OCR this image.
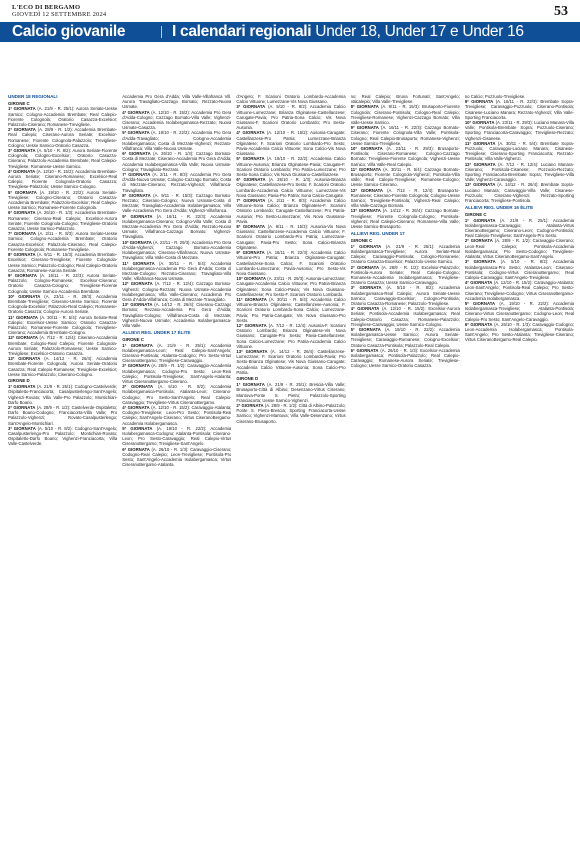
L'ECO DI BERGAMO
GIOVEDÌ 12 SETTEMBRE 2024	53
Calcio giovanile	I calendari regionali Under 18, Under 17 e Under 16
UNDER 18 REGIONALI
GIRONE C

1ª GIORNATA (A. 21/9 - R. 25/1): Aurora Seriate-Uesse Sarnico; Cologno-Accademia Brembate; Real Calepio-Fiorente Colognola; Oratorio Casazza-Excelsior; Palazzolo-Ciserano; Romanese-Trevigliese.

2ª GIORNATA (A. 28/9 - R. 1/2): Accademia Brembate-Real Calepio; Ciserano-Aurora Seriate; Excelsior-Romanese; Fiorente Colognola-Palazzolo; Trevigliese-Cologno; Uesse Sarnico-Oratorio Casazza.

3ª GIORNATA (A. 5/10 - R. 8/2): Aurora Seriate-Fiorente Colognola; Cologno-Excelsior; Oratorio Casazza-Ciserano; Palazzolo-Accademia Brembate; Real Calepio-Trevigliese; Romanese-Uesse Sarnico.

4ª GIORNATA (A. 12/10 - R. 15/2): Accademia Brembate-Aurora Seriate; Ciserano-Romanese; Excelsior-Real Calepio; Fiorente Colognola-Oratorio Casazza; Trevigliese-Palazzolo; Uesse Sarnico-Cologno.

5ª GIORNATA (A. 19/10 - R. 22/2): Aurora Seriate-Trevigliese; Cologno-Ciserano; Oratorio Casazza-Accademia Brembate; Palazzolo-Excelsior; Real Calepio-Uesse Sarnico; Romanese-Fiorente Colognola.

6ª GIORNATA (A. 26/10 - R. 1/3): Accademia Brembate-Romanese; Ciserano-Real Calepio; Excelsior-Aurora Seriate; Fiorente Colognola-Cologno; Trevigliese-Oratorio Casazza; Uesse Sarnico-Palazzolo.

7ª GIORNATA (A. 2/11 - R. 8/3): Aurora Seriate-Uesse Sarnico; Cologno-Accademia Brembate; Oratorio Casazza-Excelsior; Palazzolo-Ciserano; Real Calepio-Fiorente Colognola; Romanese-Trevigliese.

8ª GIORNATA (A. 9/11 - R. 15/3): Accademia Brembate-Excelsior; Ciserano-Trevigliese; Fiorente Colognola-Uesse Sarnico; Palazzolo-Cologno; Real Calepio-Oratorio Casazza; Romanese-Aurora Seriate.

9ª GIORNATA (A. 16/11 - R. 22/3): Aurora Seriate-Palazzolo; Cologno-Romanese; Excelsior-Ciserano; Oratorio Casazza-Cologno; Trevigliese-Fiorente Colognola; Uesse Sarnico-Accademia Brembate.

10ª GIORNATA (A. 23/11 - R. 29/3): Accademia Brembate-Trevigliese; Ciserano-Uesse Sarnico; Fiorente Colognola-Excelsior; Palazzolo-Real Calepio; Romanese-Oratorio Casazza; Cologno-Aurora Seriate.

11ª GIORNATA (A. 30/11 - R. 5/4): Aurora Seriate-Real Calepio; Excelsior-Uesse Sarnico; Oratorio Casazza-Palazzolo; Romanese-Fiorente Colognola; Trevigliese-Ciserano; Accademia Brembate-Cologno.

12ª GIORNATA (A. 7/12 - R. 12/4): Ciserano-Accademia Brembate; Cologno-Real Calepio; Fiorente Colognola-Aurora Seriate; Palazzolo-Romanese; Uesse Sarnico-Trevigliese; Excelsior-Oratorio Casazza.

13ª GIORNATA (A. 14/12 - R. 26/4): Accademia Brembate-Fiorente Colognola; Aurora Seriate-Oratorio Casazza; Real Calepio-Romanese; Trevigliese-Excelsior; Uesse Sarnico-Palazzolo; Ciserano-Cologno.

GIRONE D

1ª GIORNATA (A. 21/9 - R. 25/1): Codogno-Castelverde; Ospitaletto-Franciacorta; Casalpusterlengo-Sant'Angelo; Vighenzi-Rovato; Villa Valle-Pro Palazzolo; Montichiari-Darfo Boario.

2ª GIORNATA (A. 28/9 - R. 1/2): Castelverde-Ospitaletto; Darfo Boario-Codogno; Franciacorta-Villa Valle; Pro Palazzolo-Vighenzi; Rovato-Casalpusterlengo; Sant'Angelo-Montichiari.

3ª GIORNATA (A. 5/10 - R. 8/2): Codogno-Sant'Angelo; Casalpusterlengo-Pro Palazzolo; Montichiari-Rovato; Ospitaletto-Darfo Boario; Vighenzi-Franciacorta; Villa Valle-Castelverde.

Accademia Pro Gera d'Adda; Villa Valle-Villafranca Vill. Aurora Travagliato-Cazzago Bornato; Rezzato-Nuova Usmate.

4ª GIORNATA (A. 12/10 - R. 15/2): Accademia Pro Gera d'Adda-Cologno; Cazzago Bornato-Villa Valle; Vighenzi-Ciserano; Accademia Isolabergamasca-Rezzato; Nuova Usmate-Casazza.

5ª GIORNATA (A. 19/10 - R. 22/2): Accademia Pro Gera d'Adda-Travagliato; Cologno-Accademia Isolabergamasca; Costa di Mezzate-Vighenzi; Rezzato-Villafranca; Villa Valle-Nuova Usmate.

6ª GIORNATA (A. 26/10 - R. 1/3): Cazzago Bornato-Costa di Mezzate; Ciserano-Accademia Pro Gera d'Adda; Accademia Isolabergamasca-Villa Valle; Nuova Usmate-Cologno; Travagliato-Rezzato.

7ª GIORNATA (A. 2/11 - R. 8/3): Accademia Pro Gera d'Adda-Nuova Usmate; Cologno-Cazzago Bornato; Costa di Mezzate-Ciserano; Rezzato-Vighenzi; Villafranca-Travagliato.

8ª GIORNATA (A. 9/11 - R. 15/3): Cazzago Bornato-Rezzato; Ciserano-Cologno; Nuova Usmate-Costa di Mezzate; Travagliato-Accademia Isolabergamasca; Villa Valle-Accademia Pro Gera d'Adda; Vighenzi-Villafranca.

9ª GIORNATA (A. 16/11 - R. 22/3): Accademia Isolabergamasca-Ciserano; Cologno-Villa Valle; Costa di Mezzate-Accademia Pro Gera d'Adda; Rezzato-Nuova Usmate; Villafranca-Cazzago Bornato; Vighenzi-Travagliato.

10ª GIORNATA (A. 23/11 - R. 29/3): Accademia Pro Gera d'Adda-Vighenzi; Cazzago Bornato-Accademia Isolabergamasca; Ciserano-Villafranca; Nuova Usmate-Travagliato; Villa Valle-Costa di Mezzate.

11ª GIORNATA (A. 30/11 - R. 5/4): Accademia Isolabergamasca-Accademia Pro Gera d'Adda; Costa di Mezzate-Cologno; Rezzato-Ciserano; Travagliato-Villa Valle; Villafranca-Nuova Usmate.

12ª GIORNATA (A. 7/12 - R. 12/4): Cazzago Bornato-Vighenzi; Cologno-Rezzato; Nuova Usmate-Accademia Isolabergamasca; Villa Valle-Ciserano; Accademia Pro Gera d'Adda-Villafranca; Costa di Mezzate-Travagliato.

13ª GIORNATA (A. 14/12 - R. 26/4): Ciserano-Cazzago Bornato; Rezzato-Accademia Pro Gera d'Adda; Travagliato-Cologno; Villafranca-Costa di Mezzate; Vighenzi-Nuova Usmate; Accademia Isolabergamasca-Villa Valle.

ALLIEVI REG. UNDER 17 ÉLITE
GIRONE C

1ª GIORNATA (A. 21/9 - R. 25/1): Accademia Isolabergamasca-Leon; Real Calepio-Sant'Angelo; Ciserano-Pontisola; Atalanta-Codogno; Pro Sesto-Virtus CiseranoBergamo; Trevigliese-Caravaggio.

2ª GIORNATA (A. 28/9 - R. 1/2): Caravaggio-Accademia Isolabergamasca; Codogno-Pro Sesto; Leon-Real Calepio; Pontisola-Trevigliese; Sant'Angelo-Atalanta; Virtus CiseranoBergamo-Ciserano.

3ª GIORNATA (A. 5/10 - R. 8/2): Accademia Isolabergamasca-Pontisola; Atalanta-Leon; Ciserano-Codogno; Pro Sesto-Sant'Angelo; Real Calepio-Caravaggio; Trevigliese-Virtus CiseranoBergamo.

4ª GIORNATA (A. 12/10 - R. 15/2): Caravaggio-Atalanta; Codogno-Trevigliese; Leon-Pro Sesto; Pontisola-Real Calepio; Sant'Angelo-Ciserano; Virtus CiseranoBergamo-Accademia Isolabergamasca.

5ª GIORNATA (A. 19/10 - R. 22/2): Accademia Isolabergamasca-Codogno; Atalanta-Pontisola; Ciserano-Leon; Pro Sesto-Caravaggio; Real Calepio-Virtus CiseranoBergamo; Trevigliese-Sant'Angelo.

6ª GIORNATA (A. 26/10 - R. 1/3): Caravaggio-Ciserano; Codogno-Real Calepio; Leon-Trevigliese; Pontisola-Pro Sesto; Sant'Angelo-Accademia Isolabergamasca; Virtus CiseranoBergamo-Atalanta.

d'Angelo; F. Scarioni Oratorio Lombardo-Accademia Calcio Vittuone; Lumezzane-Vis Nova Giussano.

3ª GIORNATA (A. 5/10 - R. 8/2): Accademia Calcio Vittuone-Lumezzane; Brianza Olginatese-Castellanzese; Carugate-Pavia; Pro Patria-Sona Calcio; Vis Nova Giussano-F. Scarioni Oratorio Lombardo; Pro Sesto-Ausonia.

4ª GIORNATA (A. 12/10 - R. 15/2): Ausonia-Carugate; Castellanzese-Pro Patria; Lumezzane-Brianza Olginatese; F. Scarioni Oratorio Lombardo-Pro Sesto; Pavia-Accademia Calcio Vittuone; Sona Calcio-Vis Nova Giussano.

5ª GIORNATA (A. 19/10 - R. 22/2): Accademia Calcio Vittuone-Ausonia; Brianza Olginatese-Pavia; Carugate-F. Scarioni Oratorio Lombardo; Pro Patria-Lumezzane; Pro Sesto-Sona Calcio; Vis Nova Giussano-Castellanzese.

6ª GIORNATA (A. 26/10 - R. 1/3): Ausonia-Brianza Olginatese; Castellanzese-Pro Sesto; F. Scarioni Oratorio Lombardo-Accademia Calcio Vittuone; Lumezzane-Vis Nova Giussano; Pavia-Pro Patria; Sona Calcio-Carugate.

7ª GIORNATA (A. 2/11 - R. 8/3): Accademia Calcio Vittuone-Sona Calcio; Brianza Olginatese-F. Scarioni Oratorio Lombardo; Carugate-Castellanzese; Pro Patria-Ausonia; Pro Sesto-Lumezzane; Vis Nova Giussano-Pavia.

8ª GIORNATA (A. 9/11 - R. 15/3): Ausonia-Vis Nova Giussano; Castellanzese-Accademia Calcio Vittuone; F. Scarioni Oratorio Lombardo-Pro Patria; Lumezzane-Carugate; Pavia-Pro Sesto; Sona Calcio-Brianza Olginatese.

9ª GIORNATA (A. 16/11 - R. 22/3): Accademia Calcio Vittuone-Pro Patria; Brianza Olginatese-Carugate; Castellanzese-Sona Calcio; F. Scarioni Oratorio Lombardo-Lumezzane; Pavia-Ausonia; Pro Sesto-Vis Nova Giussano.

10ª GIORNATA (A. 23/11 - R. 29/3): Ausonia-Lumezzane; Carugate-Accademia Calcio Vittuone; Pro Patria-Brianza Olginatese; Sona Calcio-Pavia; Vis Nova Giussano-Castellanzese; Pro Sesto-F. Scarioni Oratorio Lombardo.

11ª GIORNATA (A. 30/11 - R. 5/4): Accademia Calcio Vittuone-Brianza Olginatese; Castellanzese-Ausonia; F. Scarioni Oratorio Lombardo-Sona Calcio; Lumezzane-Pavia; Pro Patria-Carugate; Vis Nova Giussano-Pro Sesto.

12ª GIORNATA (A. 7/12 - R. 12/4): Ausonia-F. Scarioni Oratorio Lombardo; Brianza Olginatese-Vis Nova Giussano; Carugate-Pro Sesto; Pavia-Castellanzese; Sona Calcio-Lumezzane; Pro Patria-Accademia Calcio Vittuone.

13ª GIORNATA (A. 14/12 - R. 26/4): Castellanzese-Lumezzane; F. Scarioni Oratorio Lombardo-Pavia; Pro Sesto-Brianza Olginatese; Vis Nova Giussano-Carugate; Accademia Calcio Vittuone-Ausonia; Sona Calcio-Pro Patria.

GIRONE D

1ª GIORNATA (A. 21/9 - R. 25/1): Brescia-Villa Valle; Brusaporto-Città di Albino; Desenzano-Virtus Ciserano; Mantova-Ponte S. Pietro; Palazzolo-Sporting Franciacorta; Uesse Sarnico-Vighenzi.

2ª GIORNATA (A. 28/9 - R. 1/2): Città di Albino-Palazzolo; Ponte S. Pietro-Brescia; Sporting Franciacorta-Uesse Sarnico; Vighenzi-Mantova; Villa Valle-Desenzano; Virtus Ciserano-Brusaporto.

no; Real Calepio; Bruna Fortunati; Sant'Angelo; Valcalepio; Villa Valle-Trevigliese.

8ª GIORNATA (A. 9/11 - R. 15/3): Brusaporto-Fiorente Colognola; Ciserano-Pontisola; Cologno-Real Calepio; Trevigliese-Romanese; Vighenzi-Cazzago Bornato; Villa Valle-Uesse Sarnico.

9ª GIORNATA (A. 16/11 - R. 22/3): Cazzago Bornato-Ciserano; Fiorente Colognola-Villa Valle; Pontisola-Cologno; Real Calepio-Brusaporto; Romanese-Vighenzi; Uesse Sarnico-Trevigliese.

10ª GIORNATA (A. 23/11 - R. 29/3): Brusaporto-Pontisola; Ciserano-Romanese; Cologno-Cazzago Bornato; Trevigliese-Fiorente Colognola; Vighenzi-Uesse Sarnico; Villa Valle-Real Calepio.

11ª GIORNATA (A. 30/11 - R. 5/4): Cazzago Bornato-Brusaporto; Fiorente Colognola-Vighenzi; Pontisola-Villa Valle; Real Calepio-Trevigliese; Romanese-Cologno; Uesse Sarnico-Ciserano.

12ª GIORNATA (A. 7/12 - R. 12/4): Brusaporto-Romanese; Ciserano-Fiorente Colognola; Cologno-Uesse Sarnico; Trevigliese-Pontisola; Vighenzi-Real Calepio; Villa Valle-Cazzago Bornato.

13ª GIORNATA (A. 14/12 - R. 26/4): Cazzago Bornato-Trevigliese; Fiorente Colognola-Cologno; Pontisola-Vighenzi; Real Calepio-Ciserano; Romanese-Villa Valle; Uesse Sarnico-Brusaporto.

ALLIEVI REG. UNDER 17
GIRONE C

1ª GIORNATA (A. 21/9 - R. 25/1): Accademia Isolabergamasca-Trevigliese; Aurora Seriate-Real Calepio; Caravaggio-Pontisola; Cologno-Romanese; Oratorio Casazza-Excelsior; Palazzolo-Uesse Sarnico.

2ª GIORNATA (A. 28/9 - R. 1/2): Excelsior-Palazzolo; Pontisola-Aurora Seriate; Real Calepio-Cologno; Romanese-Accademia Isolabergamasca; Trevigliese-Oratorio Casazza; Uesse Sarnico-Caravaggio.

3ª GIORNATA (A. 5/10 - R. 8/2): Accademia Isolabergamasca-Real Calepio; Aurora Seriate-Uesse Sarnico; Caravaggio-Excelsior; Cologno-Pontisola; Oratorio Casazza-Romanese; Palazzolo-Trevigliese.

4ª GIORNATA (A. 12/10 - R. 15/2): Excelsior-Aurora Seriate; Pontisola-Accademia Isolabergamasca; Real Calepio-Oratorio Casazza; Romanese-Palazzolo; Trevigliese-Caravaggio; Uesse Sarnico-Cologno.

5ª GIORNATA (A. 19/10 - R. 22/2): Accademia Isolabergamasca-Uesse Sarnico; Aurora Seriate-Trevigliese; Caravaggio-Romanese; Cologno-Excelsior; Oratorio Casazza-Pontisola; Palazzolo-Real Calepio.

6ª GIORNATA (A. 26/10 - R. 1/3): Excelsior-Accademia Isolabergamasca; Pontisola-Palazzolo; Real Calepio-Caravaggio; Romanese-Aurora Seriate; Trevigliese-Cologno; Uesse Sarnico-Oratorio Casazza.

no Calcio; Pozzuolo-Trevigliese.

9ª GIORNATA (A. 16/11 - R. 22/3): Brembate Sopra-Trevigliese; Caravaggio-Pozzuolo; Ciserano-Pontisola; Cisanese-Luciano Manara; Rezzato-Vighenzi; Villa Valle-Sporting Franciacorta.

10ª GIORNATA (A. 23/11 - R. 29/3): Luciano Manara-Villa Valle; Pontisola-Brembate Sopra; Pozzuolo-Ciserano; Sporting Franciacorta-Caravaggio; Trevigliese-Rezzato; Vighenzi-Cisanese.

11ª GIORNATA (A. 30/11 - R. 5/4): Brembate Sopra-Pozzuolo; Caravaggio-Luciano Manara; Cisanese-Trevigliese; Ciserano-Sporting Franciacorta; Rezzato-Pontisola; Villa Valle-Vighenzi.

12ª GIORNATA (A. 7/12 - R. 12/4): Luciano Manara-Ciserano; Pontisola-Cisanese; Pozzuolo-Rezzato; Sporting Franciacorta-Brembate Sopra; Trevigliese-Villa Valle; Vighenzi-Caravaggio.

13ª GIORNATA (A. 14/12 - R. 26/4): Brembate Sopra-Luciano Manara; Caravaggio-Villa Valle; Cisanese-Pozzuolo; Ciserano-Vighenzi; Rezzato-Sporting Franciacorta; Trevigliese-Pontisola.

ALLIEVI REG. UNDER 16 ÉLITE
GIRONE C

1ª GIORNATA (A. 21/9 - R. 25/1): Accademia Isolabergamasca-Caravaggio; Atalanta-Virtus CiseranoBergamo; Ciserano-Leon; Codogno-Pontisola; Real Calepio-Trevigliese; Sant'Angelo-Pro Sesto.

2ª GIORNATA (A. 28/9 - R. 1/2): Caravaggio-Ciserano; Leon-Real Calepio; Pontisola-Accademia Isolabergamasca; Pro Sesto-Codogno; Trevigliese-Atalanta; Virtus CiseranoBergamo-Sant'Angelo.

3ª GIORNATA (A. 5/10 - R. 8/2): Accademia Isolabergamasca-Pro Sesto; Atalanta-Leon; Ciserano-Pontisola; Codogno-Virtus CiseranoBergamo; Real Calepio-Caravaggio; Sant'Angelo-Trevigliese.

4ª GIORNATA (A. 12/10 - R. 15/2): Caravaggio-Atalanta; Leon-Sant'Angelo; Pontisola-Real Calepio; Pro Sesto-Ciserano; Trevigliese-Codogno; Virtus CiseranoBergamo-Accademia Isolabergamasca.

5ª GIORNATA (A. 19/10 - R. 22/2): Accademia Isolabergamasca-Trevigliese; Atalanta-Pontisola; Ciserano-Virtus CiseranoBergamo; Codogno-Leon; Real Calepio-Pro Sesto; Sant'Angelo-Caravaggio.

6ª GIORNATA (A. 26/10 - R. 1/3): Caravaggio-Codogno; Leon-Accademia Isolabergamasca; Pontisola-Sant'Angelo; Pro Sesto-Atalanta; Trevigliese-Ciserano; Virtus CiseranoBergamo-Real Calepio.
